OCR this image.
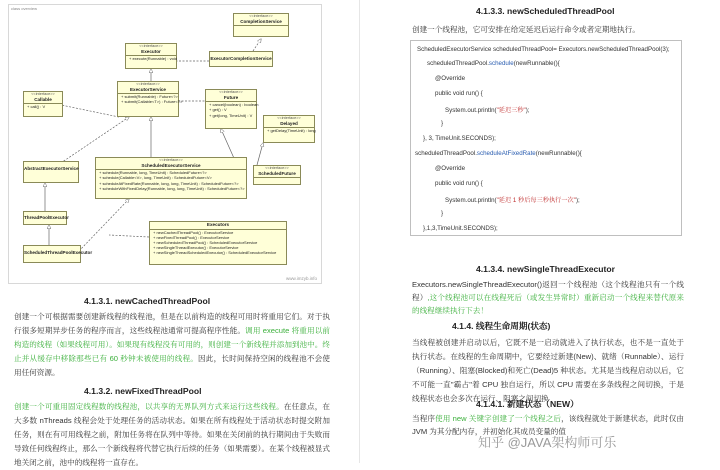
class overview
<<interface>>
CompletionService
<<interface>>
Executor
+ execute(Runnable) : void	ExecutorCompletionService
<<interface>>
ExecutorService
+ submit(Runnable) : Future<?>
+ submit(Callable<T>) : Future<T>
<<interface>>
Callable
+ call() : V
<<interface>>
Future
+ cancel(boolean) : boolean
+ get() : V
+ get(long, TimeUnit) : V
<<interface>>
Delayed
+ getDelay(TimeUnit) : long
<<interface>>
ScheduledExecutorService
+ schedule(Runnable, long, TimeUnit) : ScheduledFuture<?>
+ schedule(Callable<V>, long, TimeUnit) : ScheduledFuture<V>
+ scheduleAtFixedRate(Runnable, long, long, TimeUnit) : ScheduledFuture<?>
+ scheduleWithFixedDelay(Runnable, long, long, TimeUnit) : ScheduledFuture<?>
<<interface>>
ScheduledFuture
AbstractExecutorService
ThreadPoolExecutor
ScheduledThreadPoolExecutor
Executors
+ newCachedThreadPool() : ExecutorService
+ newFixedThreadPool() : ExecutorService
+ newScheduledThreadPool() : ScheduledExecutorService
+ newSingleThreadExecutor() : ExecutorService
+ newSingleThreadScheduledExecutor() : ScheduledExecutorService
www.imzyb.info
4.1.3.1. newCachedThreadPool
创建一个可根据需要创建新线程的线程池，但是在以前构造的线程可用时将重用它们。对于执行很多短期异步任务的程序而言，这些线程池通常可提高程序性能。调用 execute 将重用以前构造的线程（如果线程可用）。如果现有线程没有可用的，则创建一个新线程并添加到池中。终止并从缓存中移除那些已有 60 秒钟未被使用的线程。因此，长时间保持空闲的线程池不会使用任何资源。
4.1.3.2. newFixedThreadPool
创建一个可重用固定线程数的线程池，以共享的无界队列方式来运行这些线程。在任意点，在大多数 nThreads 线程会处于处理任务的活动状态。如果在所有线程处于活动状态时提交附加任务，则在有可用线程之前，附加任务将在队列中等待。如果在关闭前的执行期间由于失败而导致任何线程终止，那么一个新线程将代替它执行后续的任务（如果需要）。在某个线程被显式地关闭之前，池中的线程将一直存在。
4.1.3.3. newScheduledThreadPool
创建一个线程池，它可安排在给定延迟后运行命令或者定期地执行。
ScheduledExecutorService scheduledThreadPool= Executors.newScheduledThreadPool(3);
scheduledThreadPool.schedule(newRunnable(){
@Override
public void run() {
System.out.println("延迟三秒");
}
}, 3, TimeUnit.SECONDS);
scheduledThreadPool.scheduleAtFixedRate(newRunnable(){
@Override
public void run() {
System.out.println("延迟 1 秒后每三秒执行一次");
}
},1,3,TimeUnit.SECONDS);
4.1.3.4. newSingleThreadExecutor
Executors.newSingleThreadExecutor()返回一个线程池（这个线程池只有一个线程）,这个线程池可以在线程死后（或发生异常时）重新启动一个线程来替代原来的线程继续执行下去！
4.1.4. 线程生命周期(状态)
当线程被创建并启动以后，它既不是一启动就进入了执行状态，也不是一直处于执行状态。在线程的生命周期中，它要经过新建(New)、就绪（Runnable）、运行（Running）、阻塞(Blocked)和死亡(Dead)5 种状态。尤其是当线程启动以后，它不可能一直"霸占"着 CPU 独自运行，所以 CPU 需要在多条线程之间切换，于是线程状态也会多次在运行、阻塞之间切换
4.1.4.1. 新建状态（NEW）
当程序使用 new 关键字创建了一个线程之后，该线程就处于新建状态，此时仅由 JVM 为其分配内存，并初始化其成员变量的值
知乎 @JAVA架构师可乐
